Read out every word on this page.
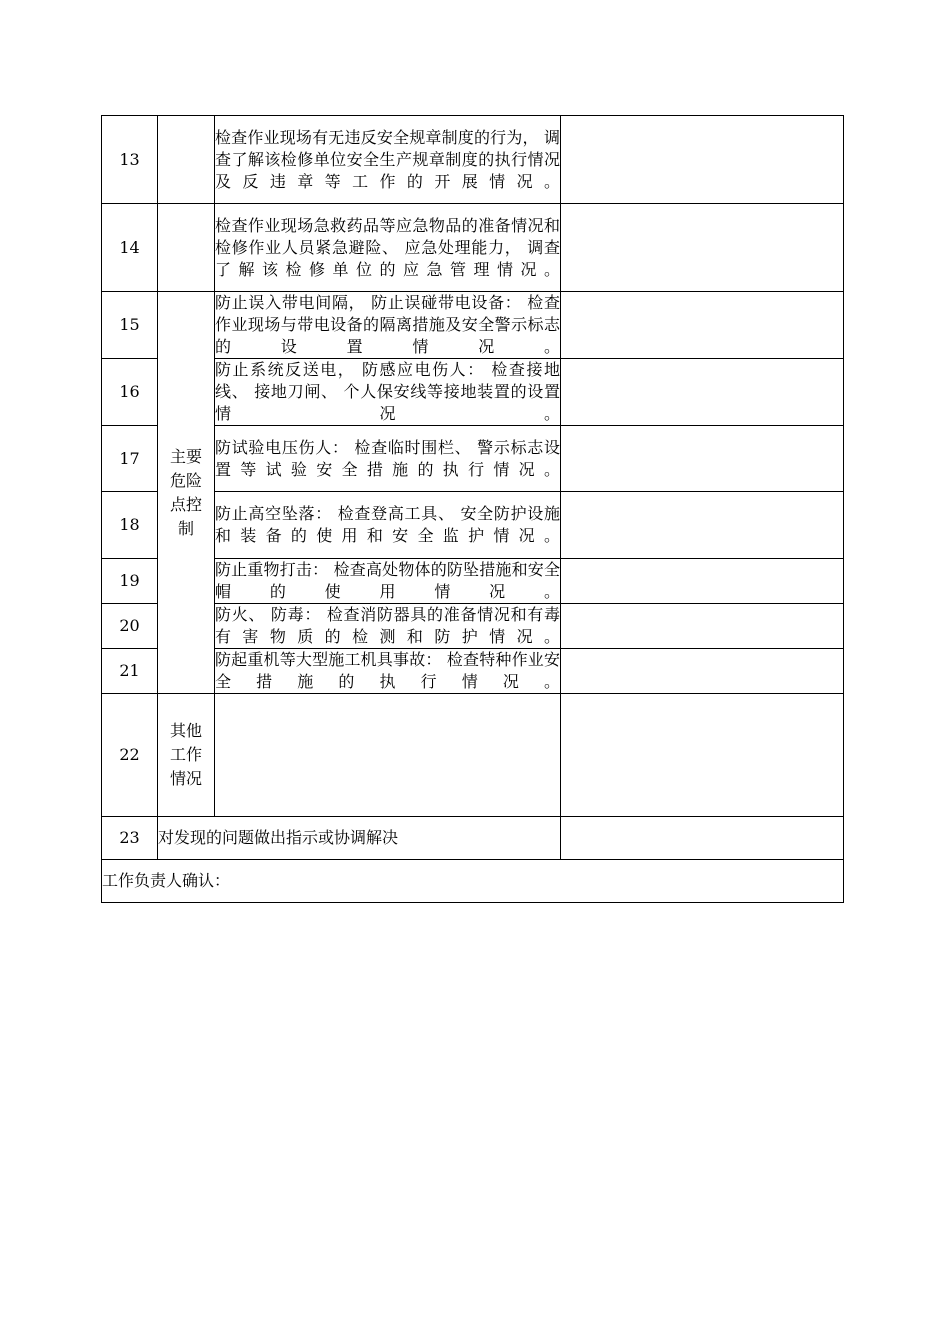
13		检查作业现场有无违反安全规章制度的行为， 调查了解该检修单位安全生产规章制度的执行情况及反违章等工作的开展情况。	
14		检查作业现场急救药品等应急物品的准备情况和检修作业人员紧急避险、 应急处理能力， 调查了解该检修单位的应急管理情况。	
15	主要危险点控制	防止误入带电间隔， 防止误碰带电设备： 检查作业现场与带电设备的隔离措施及安全警示标志的设置情况。	
16		防止系统反送电， 防感应电伤人： 检查接地线、 接地刀闸、 个人保安线等接地装置的设置情况。	
17		防试验电压伤人： 检查临时围栏、 警示标志设置等试验安全措施的执行情况。	
18		防止高空坠落： 检查登高工具、 安全防护设施和装备的使用和安全监护情况。	
19		防止重物打击： 检查高处物体的防坠措施和安全帽的使用情况。	
20		防火、 防毒： 检查消防器具的准备情况和有毒有害物质的检测和防护情况。	
21		防起重机等大型施工机具事故： 检查特种作业安全措施的执行情况。	
22	其他工作情况		
23	对发现的问题做出指示或协调解决		
工作负责人确认：			
